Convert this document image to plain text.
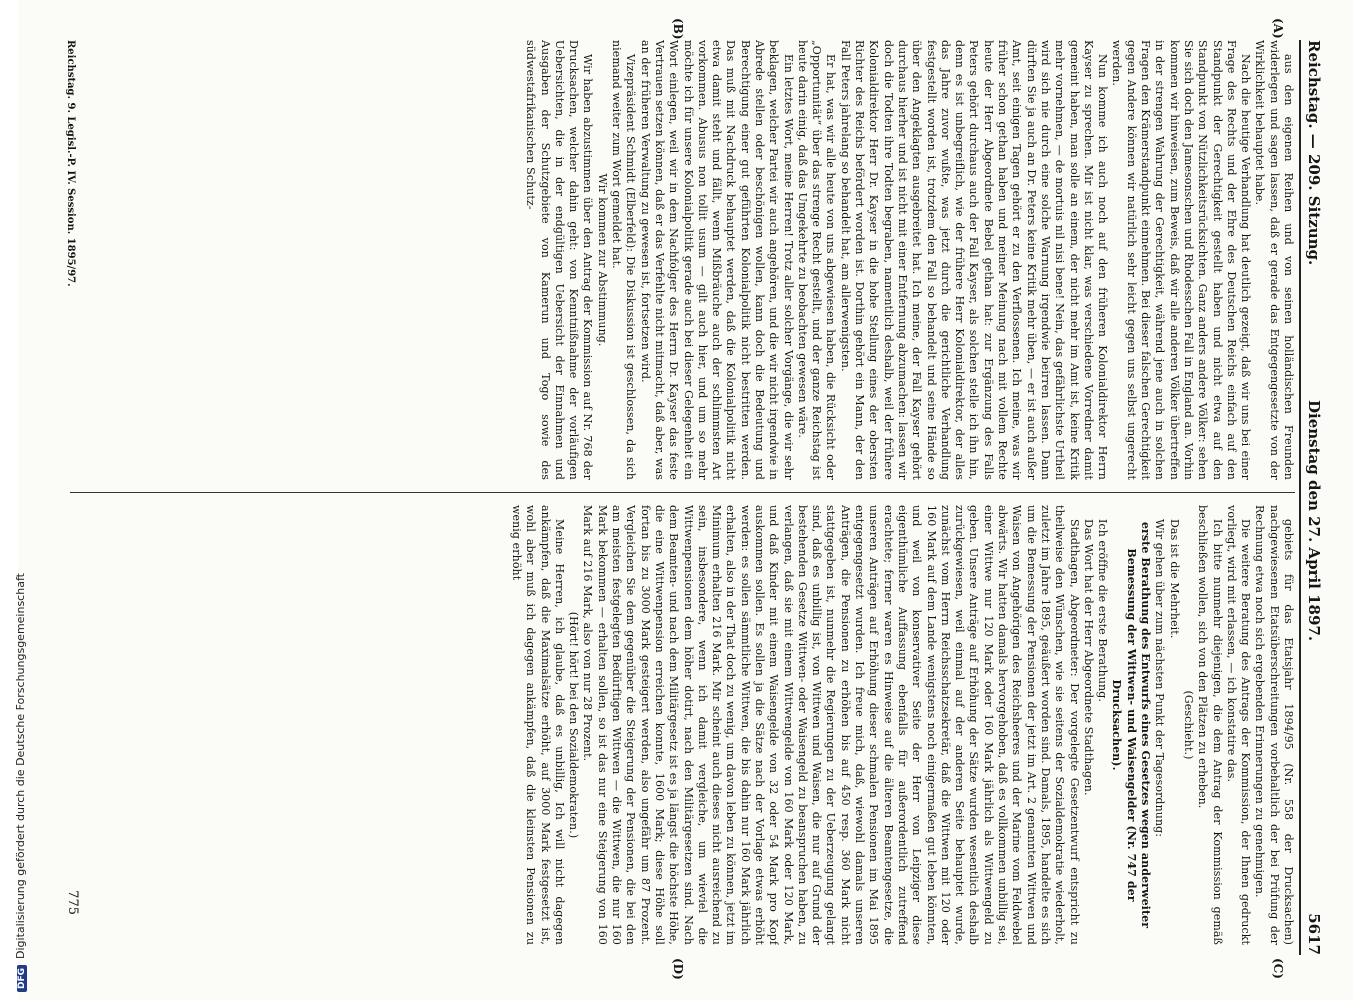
Reichstag. — 209. Sitzung.
Dienstag den 27. April 1897.
5617
(A)
(B)
(C)
(D)

aus den eigenen Reihen und von seinen holländischen Freunden widerlegen und sagen lassen, daß er gerade das Entgegengesetzte von der Wirklichkeit behauptet habe.

Nach die heutige Verhandlung hat deutlich gezeigt, daß wir uns bei einer Frage des Rechts und der Ehre des Deutschen Reichs einfach auf den Standpunkt der Gerechtigkeit gestellt haben und nicht etwa auf den Standpunkt von Nützlichkeitsrücksichten. Ganz anders andere Völker: sehen Sie sich doch den Jamesonschen und Rhodesschen Fall in England an. Vorhin kommen wir hinweisen, zum Beweis, daß wir alle anderen Völker übertreffen in der strengen Wahrung der Gerechtigkeit, während jene auch in solchen Fragen den Krämerstandpunkt einnehmen. Bei dieser falschen Gerechtigkeit gegen Andere können wir natürlich sehr leicht gegen uns selbst ungerecht werden.

Nun komme ich auch noch auf den früheren Kolonialdirektor Herrn Kayser zu sprechen. Mir ist nicht klar, was verschiedene Vorredner damit gemeint haben, man solle an einem, der nicht mehr im Amt ist, keine Kritik mehr vornehmen, — de mortuis nil nisi bene! Nein, das gefährlichste Urtheil wird sich nie durch eine solche Warnung irgendwie beirren lassen. Dann dürften Sie ja auch an Dr. Peters keine Kritik mehr üben, — er ist auch außer Amt, seit einigen Tagen gehört er zu den Verflossenen. Ich meine, was wir früher schon gethan haben und meiner Meinung nach mit vollem Rechte heute der Herr Abgeordnete Bebel gethan hat: zur Ergänzung des Falls Peters gehört durchaus auch der Fall Kayser, als solchen stelle ich ihn hin, denn es ist unbegreiflich, wie der frühere Herr Kolonialdirektor, der alles das Jahre zuvor wußte, was jetzt durch die gerichtliche Verhandlung festgestellt worden ist, trotzdem den Fall so behandelt und seine Hände so über den Angeklagten ausgebreitet hat. Ich meine, der Fall Kayser gehört durchaus hierher und ist nicht mit einer Entfernung abzumachen: lassen wir doch die Todten ihre Todten begraben, namentlich deshalb, weil der frühere Kolonialdirektor Herr Dr. Kayser in die hohe Stellung eines der obersten Richter des Reichs befördert worden ist. Dorthin gehört ein Mann, der den Fall Peters jahrelang so behandelt hat, am allerwenigsten.

Er hat, was wir alle heute von uns abgewiesen haben, die Rücksicht oder „Opportunität“ über das strenge Recht gestellt, und der ganze Reichstag ist heute darin einig, daß das Umgekehrte zu beobachten gewesen wäre.

Ein letztes Wort, meine Herren! Trotz aller solcher Vorgänge, die wir sehr beklagen, welcher Partei wir auch angehören, und die wir nicht irgendwie in Abrede stellen oder beschönigen wollen, kann doch die Bedeutung und Berechtigung einer gut geführten Kolonialpolitik nicht bestritten werden. Das muß mit Nachdruck behauptet werden, daß die Kolonialpolitik nicht etwa damit steht und fällt, wenn Mißbräuche auch der schlimmsten Art vorkommen. Abusus non tollit usum — gilt auch hier, und um so mehr möchte ich für unsere Kolonialpolitik gerade auch bei dieser Gelegenheit ein Wort einlegen, weil wir in dem Nachfolger des Herrn Dr. Kayser das feste Vertrauen setzen können, daß er das Verfehlte nicht mitmacht, daß aber, was an der früheren Verwaltung zu gewesen ist, fortsetzen wird.

Vizepräsident Schmidt (Elberfeld): Die Diskussion ist geschlossen, da sich niemand weiter zum Wort gemeldet hat.

Wir kommen zur Abstimmung.

Wir haben abzustimmen über den Antrag der Kommission auf Nr. 768 der Drucksachen, welcher dahin geht: von Kenntnißnahme der vorläufigen Uebersichten, die in der endgültigen Uebersicht der Einnahmen und Ausgaben der Schutzgebiete von Kamerun und Togo sowie des südwestafrikanischen Schutz-

gebiets für das Etatsjahr 1894/95 (Nr. 558 der Drucksachen) nachgewiesenen Etatsüberschreitungen vorbehaltlich der bei Prüfung der Rechnung etwa noch sich ergebenden Erinnerungen zu genehmigen.

Die weitere Beratung des Antrags der Kommission, der Ihnen gedruckt vorliegt, wird mit erlassen, — ich konstatire das.

Ich bitte nunmehr diejenigen, die dem Antrag der Kommission gemäß beschließen wollen, sich von den Plätzen zu erheben.

(Geschieht.)

Das ist die Mehrheit.

Wir gehen über zum nächsten Punkt der Tagesordnung:

erste Berathung des Entwurfs eines Gesetzes wegen anderweiter Bemessung der Wittwen- und Waisengelder (Nr. 747 der Drucksachen).

Ich eröffne die erste Berathung.

Das Wort hat der Herr Abgeordnete Stadthagen.

Stadthagen, Abgeordneter: Der vorgelegte Gesetzentwurf entspricht zu theilweise den Wünschen, wie sie seitens der Sozialdemokratie wiederholt, zuletzt im Jahre 1895, geäußert worden sind. Damals, 1895, handelte es sich um die Bemessung der Pensionen der jetzt im Art. 2 genannten Wittwen und Waisen von Angehörigen des Reichsheeres und der Marine vom Feldwebel abwärts. Wir hatten damals hervorgehoben, daß es vollkommen unbillig sei, einer Wittwe nur 120 Mark oder 160 Mark jährlich als Wittwengeld zu geben. Unsere Anträge auf Erhöhung der Sätze wurden wesentlich deshalb zurückgewiesen, weil einmal auf der anderen Seite behauptet wurde, zunächst vom Herrn Reichsschatzsekretär, daß die Wittwen mit 120 oder 160 Mark auf dem Lande wenigstens noch einigermaßen gut leben könnten, und weil von konservativer Seite der Herr von Leipziger diese eigenthümliche Auffassung ebenfalls für außerordentlich zutreffend erachtete; ferner waren es Hinweise auf die älteren Beamtengesetze, die unseren Anträgen auf Erhöhung dieser schmalen Pensionen im Mai 1895 entgegengesetzt wurden. Ich freue mich, daß, wiewohl damals unseren Anträgen, die Pensionen zu erhöhen bis auf 450 resp. 360 Mark nicht stattgegeben ist, nunmehr die Regierungen zu der Ueberzeugung gelangt sind, daß es unbillig ist, von Wittwen und Waisen, die nur auf Grund der bestehenden Gesetze Wittwen- oder Waisengeld zu beanspruchen haben, zu verlangen, daß sie mit einem Wittwengelde von 160 Mark oder 120 Mark, und daß Kinder mit einem Waisengelde von 32 oder 54 Mark pro Kopf auskommen sollen. Es sollen ja die Sätze nach der Vorlage etwas erhöht werden: es sollen sämmtliche Wittwen, die bis dahin nur 160 Mark jährlich erhalten, also in der That doch zu wenig, um davon leben zu können, jetzt im Minimum erhalten 216 Mark. Mir scheint auch dieses nicht ausreichend zu sein, insbesondere, wenn ich damit vergleiche, um wieviel die Wittwenpensionen dem höher dotirt, nach den Militärgesetzen sind. Nach dem Beamten- und nach dem Militärgesetz ist es ja längst die höchste Höhe, die eine Wittwenpension erreichen konnte, 1600 Mark; diese Höhe soll fortan bis zu 3000 Mark gesteigert werden, also ungefähr um 87 Prozent. Vergleichen Sie dem gegenüber die Steigerung der Pensionen, die bei den am meisten festgelegten Bedürftigen Wittwen — die Wittwen, die nur 160 Mark bekommen — erhalten sollen, so ist das nur eine Steigerung von 160 Mark auf 216 Mark, also von nur 28 Prozent.

(Hört! hört! bei den Sozialdemokraten.)

Meine Herren, ich glaube, daß es unbillig, Ich will nicht dagegen ankämpfen, daß die Maximalsätze erhöht, auf 3000 Mark festgesetzt ist, wohl aber muß ich dagegen ankämpfen, daß die kleinsten Pensionen zu wenig erhöht

Reichstag. 9. Legisl.-P. IV. Session. 1895/97.
775
DFGDigitalisierung gefördert durch die Deutsche Forschungsgemeinschaft
